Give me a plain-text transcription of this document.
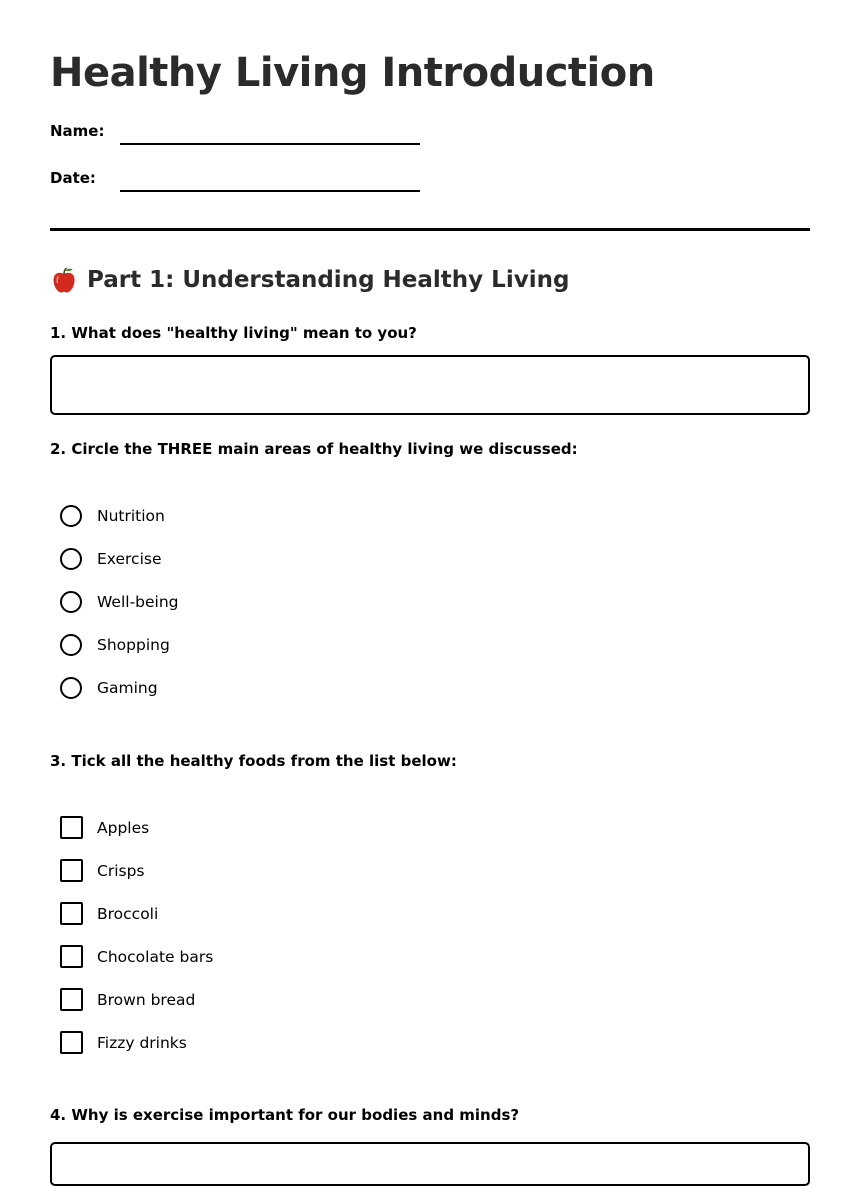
Healthy Living Introduction
Name:
Date:
Part 1: Understanding Healthy Living
1. What does "healthy living" mean to you?
2. Circle the THREE main areas of healthy living we discussed:
Nutrition
Exercise
Well-being
Shopping
Gaming
3. Tick all the healthy foods from the list below:
Apples
Crisps
Broccoli
Chocolate bars
Brown bread
Fizzy drinks
4. Why is exercise important for our bodies and minds?
